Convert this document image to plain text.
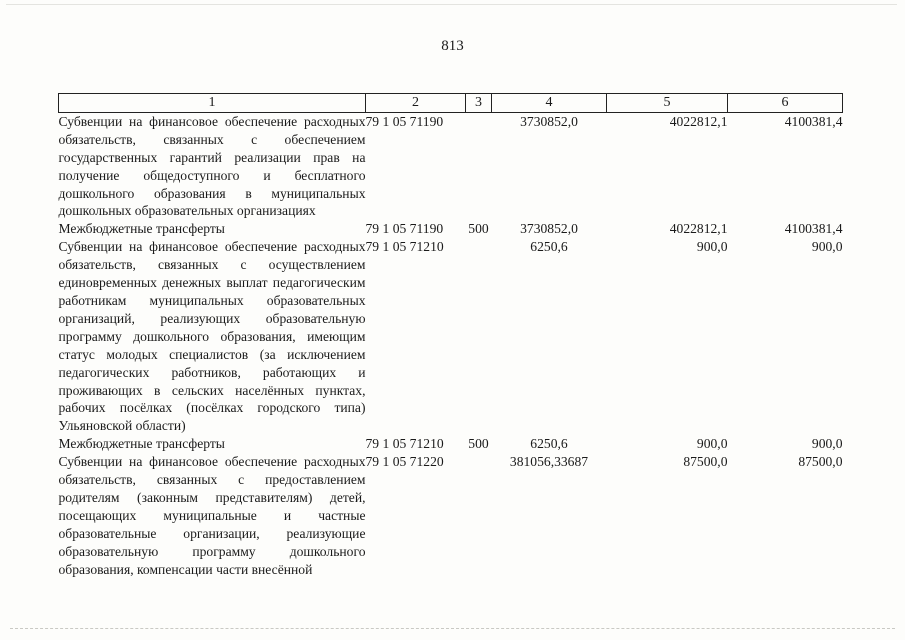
813
1	2	3	4	5	6
Субвенции на финансовое обеспечение расходных обязательств, связанных с обеспечением государственных гарантий реализации прав на получение общедоступного и бесплатного дошкольного образования в муниципальных дошкольных образовательных организациях	79 1 05 71190		3730852,0	4022812,1	4100381,4
Межбюджетные трансферты	79 1 05 71190	500	3730852,0	4022812,1	4100381,4
Субвенции на финансовое обеспечение расходных обязательств, связанных с осуществлением единовременных денежных выплат педагогическим работникам муниципальных образовательных организаций, реализующих образовательную программу дошкольного образования, имеющим статус молодых специалистов (за исключением педагогических работников, работающих и проживающих в сельских населённых пунктах, рабочих посёлках (посёлках городского типа) Ульяновской области)	79 1 05 71210		6250,6	900,0	900,0
Межбюджетные трансферты	79 1 05 71210	500	6250,6	900,0	900,0
Субвенции на финансовое обеспечение расходных обязательств, связанных с предоставлением родителям (законным представителям) детей, посещающих муниципальные и частные образовательные организации, реализующие образовательную программу дошкольного образования, компенсации части внесённой	79 1 05 71220		381056,33687	87500,0	87500,0
